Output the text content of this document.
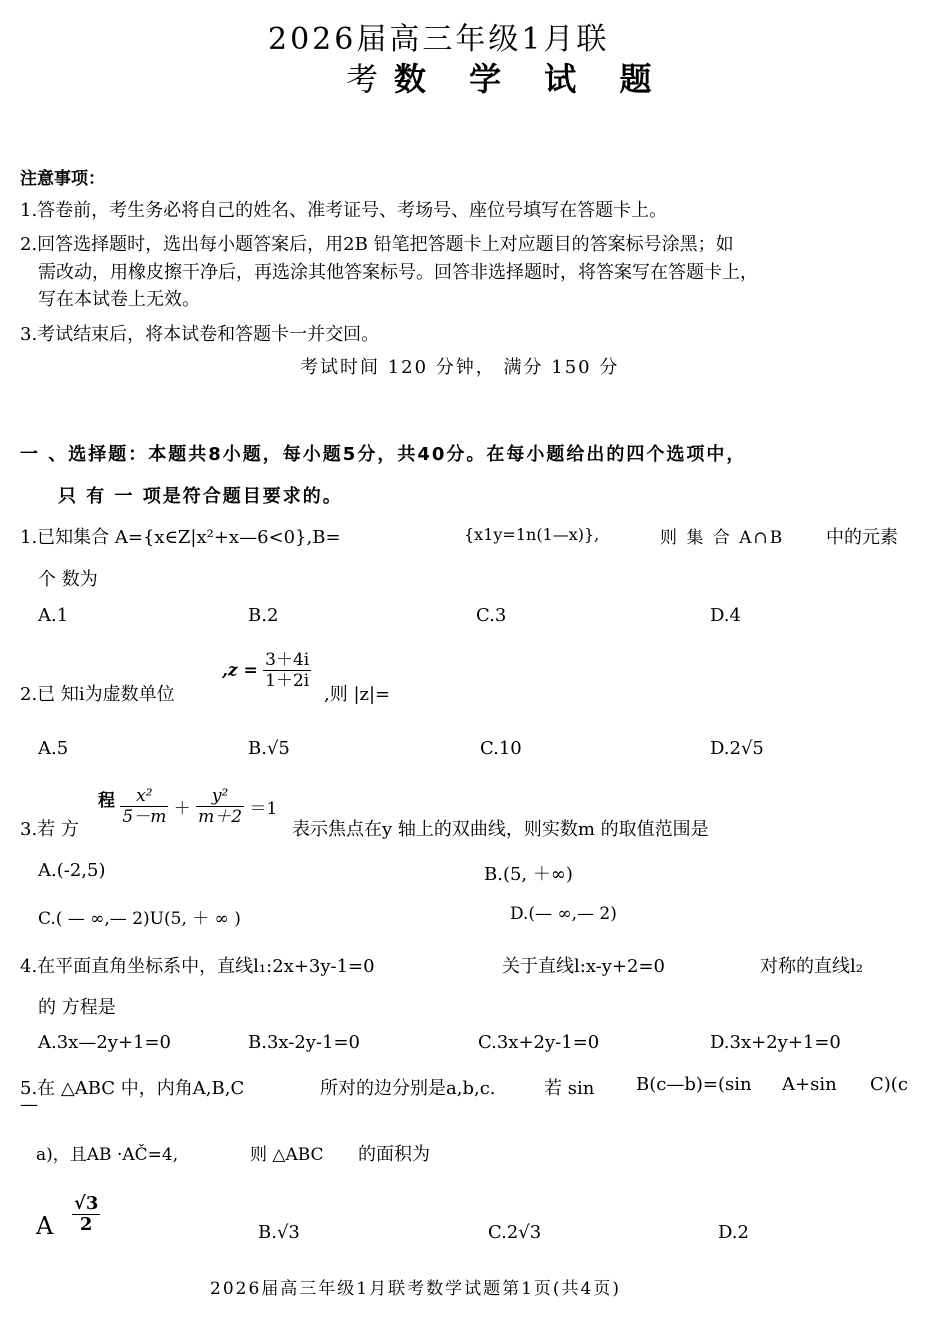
2026届高三年级1月联
考数 学 试 题
注意事项：
1.答卷前，考生务必将自己的姓名、准考证号、考场号、座位号填写在答题卡上。
2.回答选择题时，选出每小题答案后，用2B 铅笔把答题卡上对应题目的答案标号涂黑；如
需改动，用橡皮擦干净后，再选涂其他答案标号。回答非选择题时，将答案写在答题卡上，
写在本试卷上无效。
3.考试结束后，将本试卷和答题卡一并交回。
考试时间 120 分钟， 满分 150 分
一 、选择题：本题共8小题，每小题5分，共40分。在每小题给出的四个选项中，
只 有 一 项是符合题目要求的。
1.已知集合 A={x∈Z|x²+x—6<0},B=	{x1y=1n(1—x)},	则 集 合 A∩B 中的元素
个 数为
A.1	B.2	C.3	D.4
2.已 知i为虚数单位
$,z = \frac{3+4i}{1+2i}$
,则 |z|=
A.5	B.√5	C.10	D.2√5
3.若 方
程 $\frac{\text{x²}}{5-m} + \frac{\text{y²}}{m+2} =1$
表示焦点在y 轴上的双曲线，则实数m 的取值范围是
A.(-2,5)	B.(5, ＋∞)
C.( — ∞,— 2)U(5, ＋ ∞ )	D.(— ∞,— 2)
4.在平面直角坐标系中，直线l₁:2x+3y-1=0	关于直线l:x-y+2=0	对称的直线l₂
的 方程是
A.3x—2y+1=0	B.3x-2y-1=0	C.3x+2y-1=0	D.3x+2y+1=0
5.在 △ABC 中，内角A,B,C	所对的边分别是a,b,c.	若 sin B(c—b)=(sin A+sin C)(c
—
a)，且AB ·AČ=4,	则 △ABC 的面积为
A $\frac{√3}{2}$	B.√3	C.2√3	D.2
2026届高三年级1月联考数学试题第1页(共4页)
